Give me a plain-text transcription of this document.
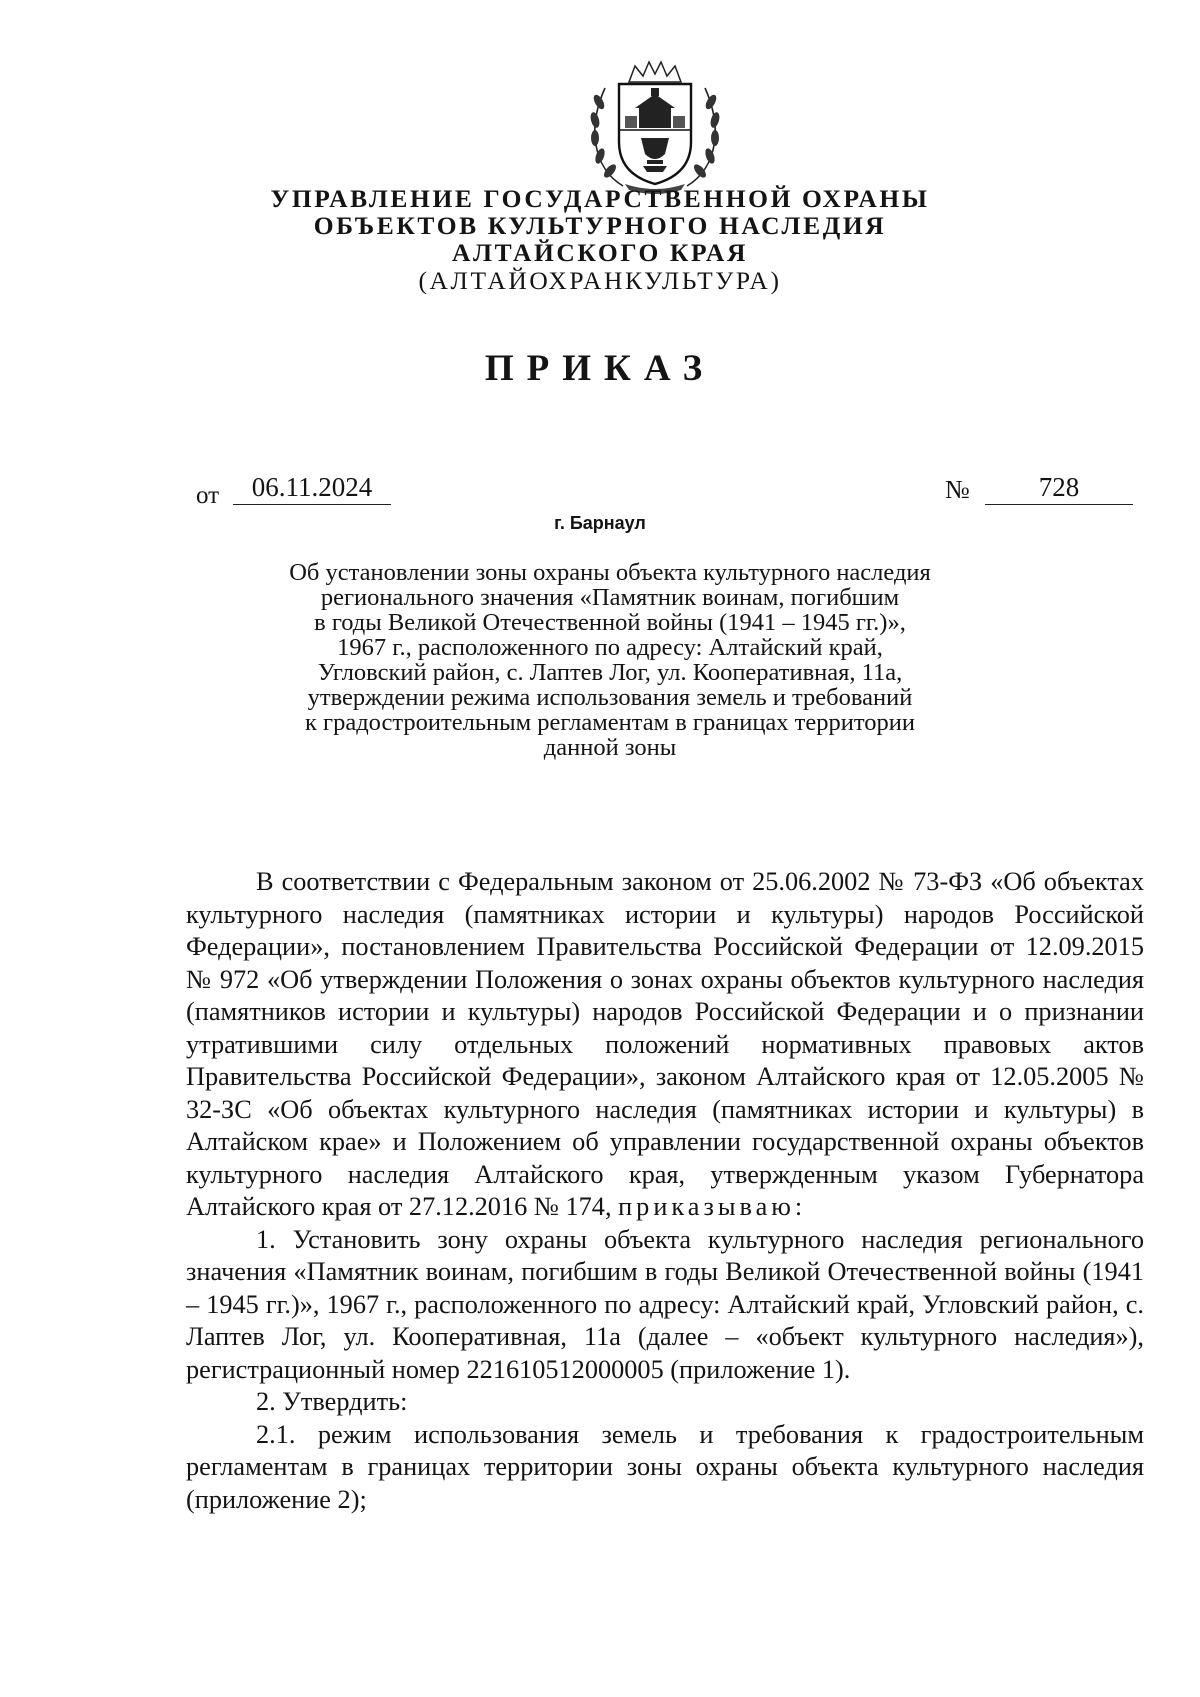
УПРАВЛЕНИЕ ГОСУДАРСТВЕННОЙ ОХРАНЫ
ОБЪЕКТОВ КУЛЬТУРНОГО НАСЛЕДИЯ
АЛТАЙСКОГО КРАЯ
(АЛТАЙОХРАНКУЛЬТУРА)
ПРИКАЗ
от	06.11.2024	№	728
г. Барнаул
Об установлении зоны охраны объекта культурного наследия
регионального значения «Памятник воинам, погибшим
в годы Великой Отечественной войны (1941 – 1945 гг.)»,
1967 г., расположенного по адресу: Алтайский край,
Угловский район, с. Лаптев Лог, ул. Кооперативная, 11а,
утверждении режима использования земель и требований
к градостроительным регламентам в границах территории
данной зоны

В соответствии с Федеральным законом от 25.06.2002 № 73-ФЗ «Об объектах культурного наследия (памятниках истории и культуры) народов Российской Федерации», постановлением Правительства Российской Федерации от 12.09.2015 № 972 «Об утверждении Положения о зонах охраны объектов культурного наследия (памятников истории и культуры) народов Российской Федерации и о признании утратившими силу отдельных положений нормативных правовых актов Правительства Российской Федерации», законом Алтайского края от 12.05.2005 № 32-ЗС «Об объектах культурного наследия (памятниках истории и культуры) в Алтайском крае» и Положением об управлении государственной охраны объектов культурного наследия Алтайского края, утвержденным указом Губернатора Алтайского края от 27.12.2016 № 174, приказываю:

1. Установить зону охраны объекта культурного наследия регионального значения «Памятник воинам, погибшим в годы Великой Отечественной войны (1941 – 1945 гг.)», 1967 г., расположенного по адресу: Алтайский край, Угловский район, с. Лаптев Лог, ул. Кооперативная, 11а (далее – «объект культурного наследия»), регистрационный номер 221610512000005 (приложение 1).

2. Утвердить:

2.1. режим использования земель и требования к градостроительным регламентам в границах территории зоны охраны объекта культурного наследия (приложение 2);
